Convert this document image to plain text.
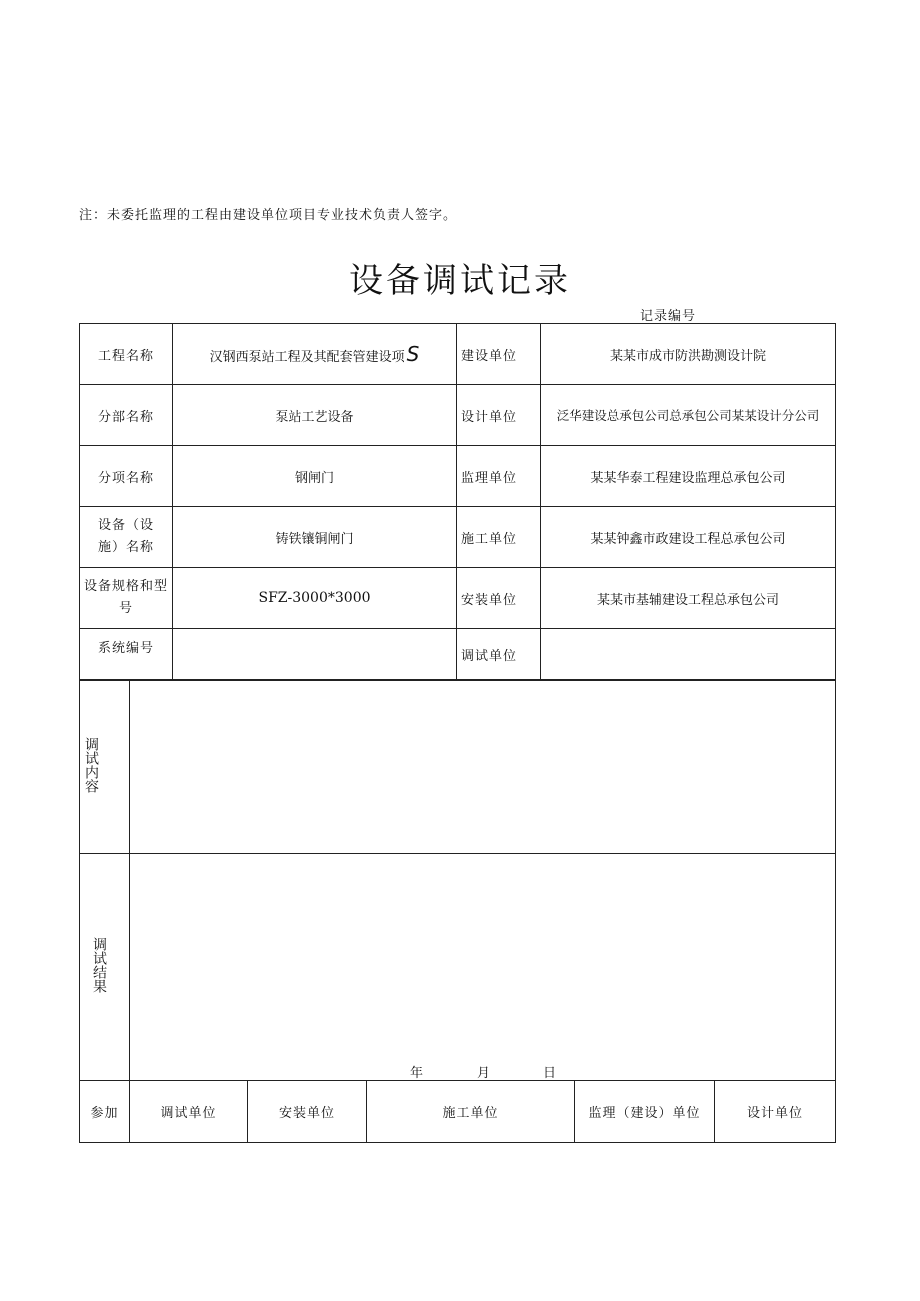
注：未委托监理的工程由建设单位项目专业技术负责人签字。
设备调试记录
记录编号
工程名称	汉钢西泵站工程及其配套管建设项 S	建设单位	某某市成市防洪勘测设计院
分部名称	泵站工艺设备	设计单位	泛华建设总承包公司总承包公司某某设计分公司
分项名称	钢闸门	监理单位	某某华泰工程建设监理总承包公司
设备（设施）名称	铸铁镶铜闸门	施工单位	某某钟鑫市政建设工程总承包公司
设备规格和型号	SFZ-3000*3000	安装单位	某某市基辅建设工程总承包公司
系统编号		调试单位	
调试内容	
调试结果	
年	月	日
参加	调试单位	安装单位	施工单位	监理（建设）单位	设计单位
